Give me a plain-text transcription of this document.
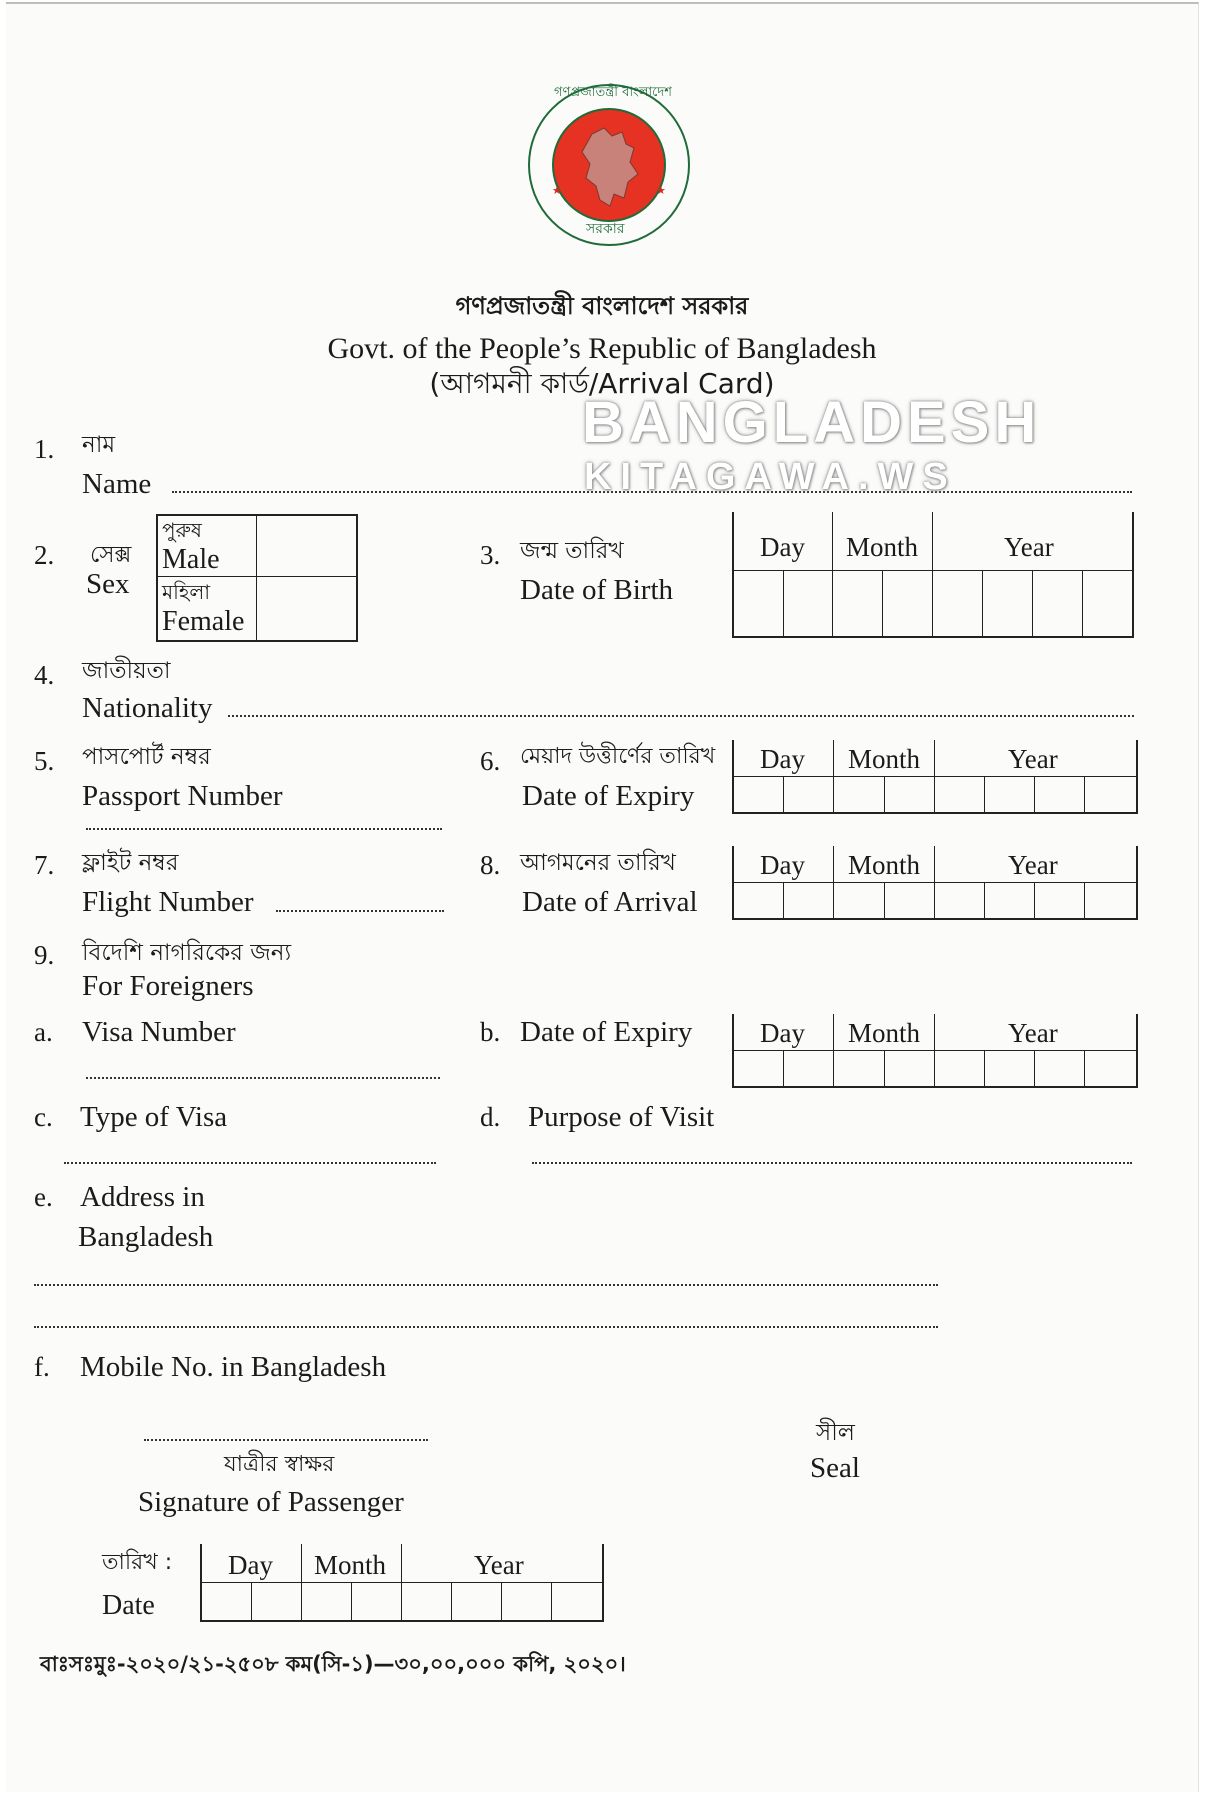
★	★
গণপ্রজাতন্ত্রী বাংলাদেশ
সরকার
গণপ্রজাতন্ত্রী বাংলাদেশ সরকার
Govt. of the People’s Republic of Bangladesh
(আগমনী কার্ড/Arrival Card)
1. নাম
Name
2. সেক্স
Sex
পুরুষ
Male
মহিলা
Female
3. জন্ম তারিখ
Date of Birth
Day Month	Year
4. জাতীয়তা
Nationality
5. পাসপোর্ট নম্বর
Passport Number
6. মেয়াদ উত্তীর্ণের তারিখ
Date of Expiry
Day Month	Year
7. ফ্লাইট নম্বর
Flight Number
8. আগমনের তারিখ
Date of Arrival
Day Month	Year
9. বিদেশি নাগরিকের জন্য
For Foreigners
a. Visa Number	b. Date of Expiry	Day Month	Year
c. Type of Visa	d. Purpose of Visit
e. Address in
Bangladesh
f. Mobile No. in Bangladesh
যাত্রীর স্বাক্ষর
Signature of Passenger
সীল
Seal
তারিখ :
Date
Day Month	Year
বাঃসঃমুঃ-২০২০/২১-২৫০৮ কম(সি-১)—৩০,০০,০০০ কপি, ২০২০।
BANGLADESH
KITAGAWA.WS
